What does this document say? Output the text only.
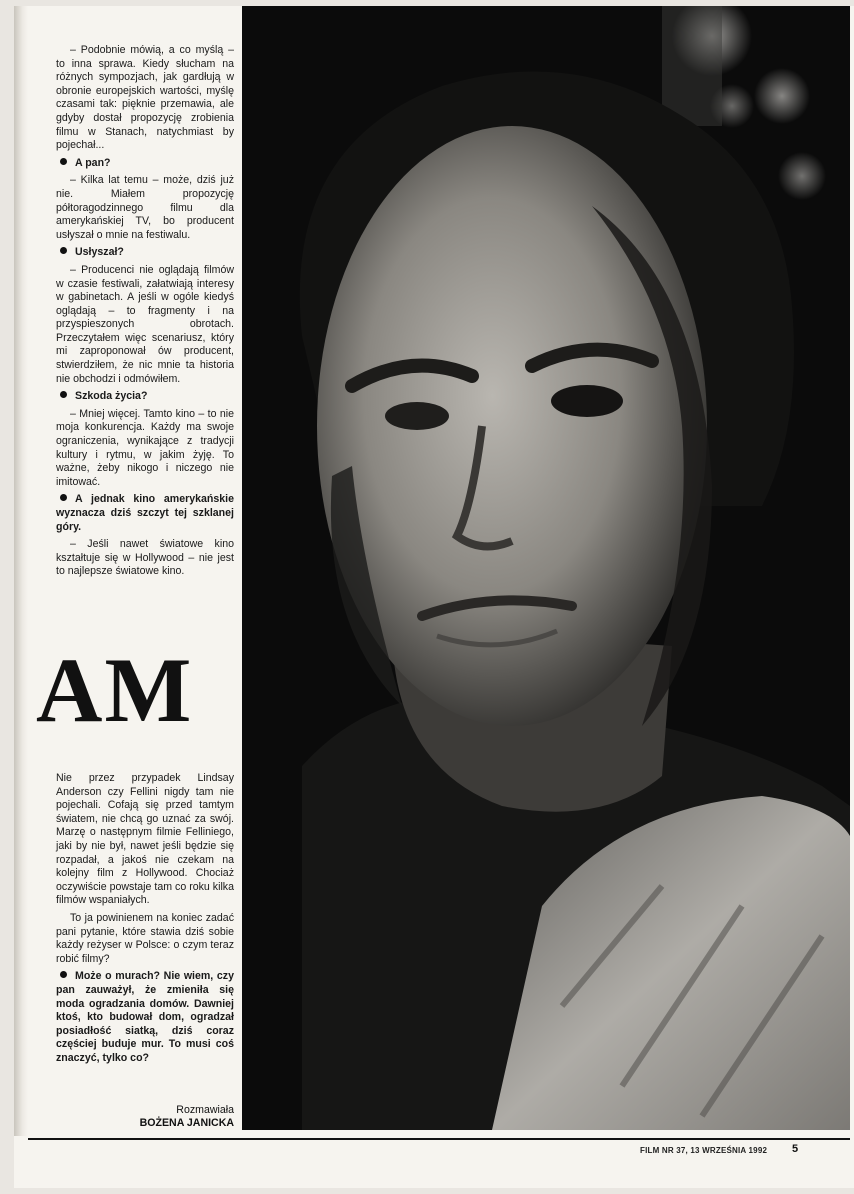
– Podobnie mówią, a co myślą – to inna sprawa. Kiedy słucham na różnych sympozjach, jak gardłują w obronie europejskich wartości, myślę czasami tak: pięknie przemawia, ale gdyby dostał propozycję zrobienia filmu w Stanach, natychmiast by pojechał...

A pan?

– Kilka lat temu – może, dziś już nie. Miałem propozycję półtoragodzinnego filmu dla amerykańskiej TV, bo producent usłyszał o mnie na festiwalu.

Usłyszał?

– Producenci nie oglądają filmów w czasie festiwali, załatwiają interesy w gabinetach. A jeśli w ogóle kiedyś oglądają – to fragmenty i na przyspieszonych obrotach. Przeczytałem więc scenariusz, który mi zaproponował ów producent, stwierdziłem, że nic mnie ta historia nie obchodzi i odmówiłem.

Szkoda życia?

– Mniej więcej. Tamto kino – to nie moja konkurencja. Każdy ma swoje ograniczenia, wynikające z tradycji kultury i rytmu, w jakim żyję. To ważne, żeby nikogo i niczego nie imitować.

A jednak kino amerykańskie wyznacza dziś szczyt tej szklanej góry.

– Jeśli nawet światowe kino kształtuje się w Hollywood – nie jest to najlepsze światowe kino.

AM

Nie przez przypadek Lindsay Anderson czy Fellini nigdy tam nie pojechali. Cofają się przed tamtym światem, nie chcą go uznać za swój. Marzę o następnym filmie Felliniego, jaki by nie był, nawet jeśli będzie się rozpadał, a jakoś nie czekam na kolejny film z Hollywood. Chociaż oczywiście powstaje tam co roku kilka filmów wspaniałych.

To ja powinienem na koniec zadać pani pytanie, które stawia dziś sobie każdy reżyser w Polsce: o czym teraz robić filmy?

Może o murach? Nie wiem, czy pan zauważył, że zmieniła się moda ogradzania domów. Dawniej ktoś, kto budował dom, ogradzał posiadłość siatką, dziś coraz częściej buduje mur. To musi coś znaczyć, tylko co?

Rozmawiała
BOŻENA JANICKA
FILM NR 37, 13 WRZEŚNIA 1992 5
